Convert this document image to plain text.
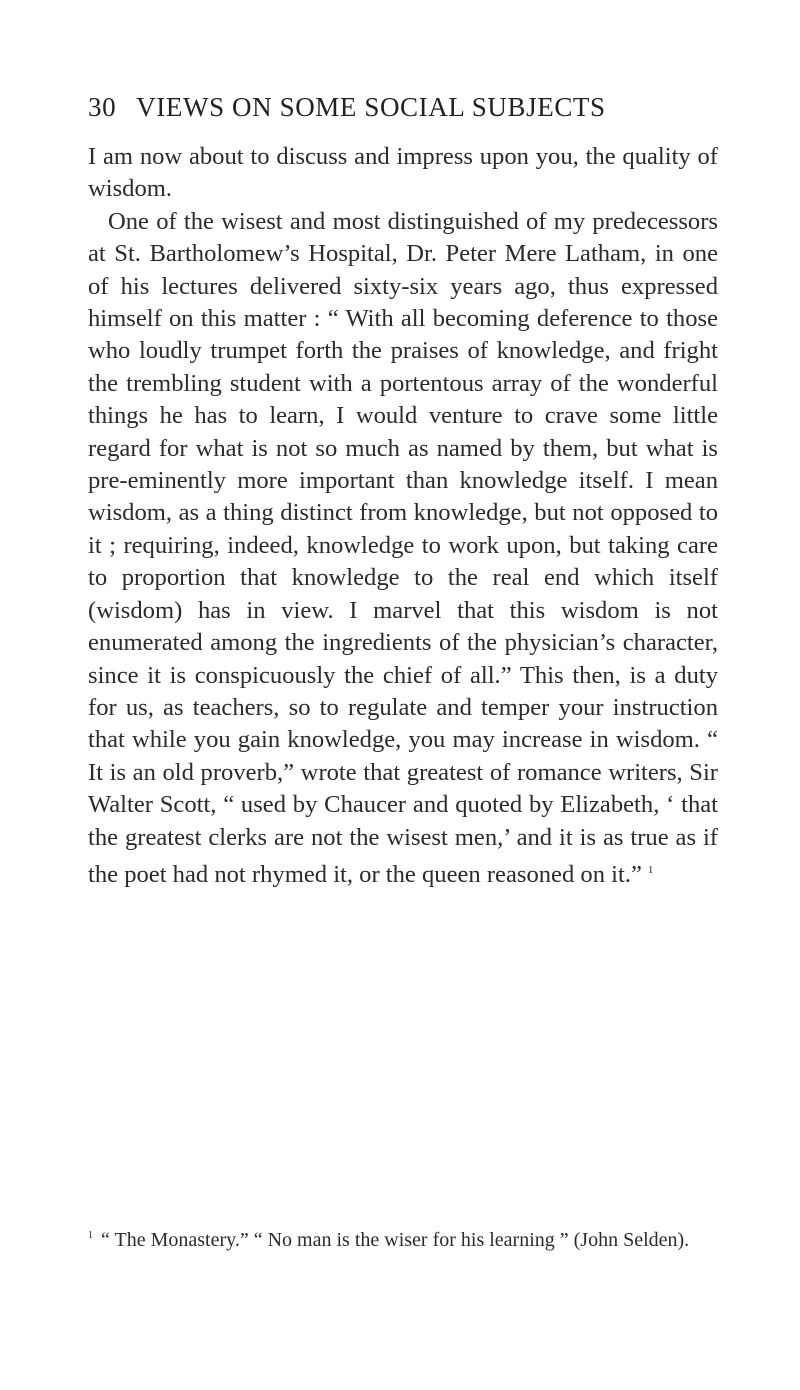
30 VIEWS ON SOME SOCIAL SUBJECTS

I am now about to discuss and impress upon you, the quality of wisdom.

One of the wisest and most distinguished of my predecessors at St. Bartholomew’s Hospital, Dr. Peter Mere Latham, in one of his lectures delivered sixty-six years ago, thus expressed himself on this matter : “ With all becoming deference to those who loudly trumpet forth the praises of knowledge, and fright the trembling student with a portentous array of the wonderful things he has to learn, I would venture to crave some little regard for what is not so much as named by them, but what is pre-eminently more important than knowledge itself. I mean wisdom, as a thing distinct from knowledge, but not opposed to it ; requiring, indeed, knowledge to work upon, but taking care to proportion that knowledge to the real end which itself (wisdom) has in view. I marvel that this wisdom is not enumerated among the ingredients of the physician’s character, since it is conspicuously the chief of all.” This then, is a duty for us, as teachers, so to regulate and temper your instruction that while you gain knowledge, you may increase in wisdom. “ It is an old proverb,” wrote that greatest of romance writers, Sir Walter Scott, “ used by Chaucer and quoted by Elizabeth, ‘ that the greatest clerks are not the wisest men,’ and it is as true as if the poet had not rhymed it, or the queen reasoned on it.” $^1$

$^1$ “ The Monastery.” “ No man is the wiser for his learning ” (John Selden).
